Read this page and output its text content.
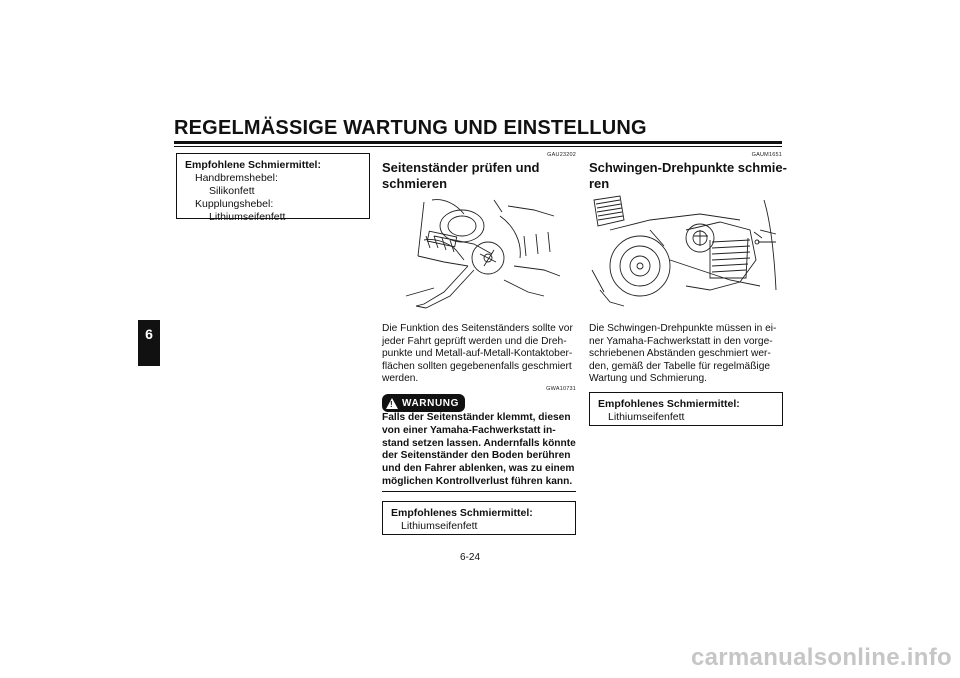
REGELMÄSSIGE WARTUNG UND EINSTELLUNG
6
Empfohlene Schmiermittel:
Handbremshebel:
Silikonfett
Kupplungshebel:
Lithiumseifenfett
GAU23202
Seitenständer prüfen und
schmieren
Die Funktion des Seitenständers sollte vor
jeder Fahrt geprüft werden und die Dreh-
punkte und Metall-auf-Metall-Kontaktober-
flächen sollten gegebenenfalls geschmiert
werden.
GWA10731
! WARNUNG
Falls der Seitenständer klemmt, diesen
von einer Yamaha-Fachwerkstatt in-
stand setzen lassen. Andernfalls könnte
der Seitenständer den Boden berühren
und den Fahrer ablenken, was zu einem
möglichen Kontrollverlust führen kann.
Empfohlenes Schmiermittel:
Lithiumseifenfett
GAUM1651
Schwingen-Drehpunkte schmie-
ren
Die Schwingen-Drehpunkte müssen in ei-
ner Yamaha-Fachwerkstatt in den vorge-
schriebenen Abständen geschmiert wer-
den, gemäß der Tabelle für regelmäßige
Wartung und Schmierung.
Empfohlenes Schmiermittel:
Lithiumseifenfett
6-24
carmanualsonline.info
